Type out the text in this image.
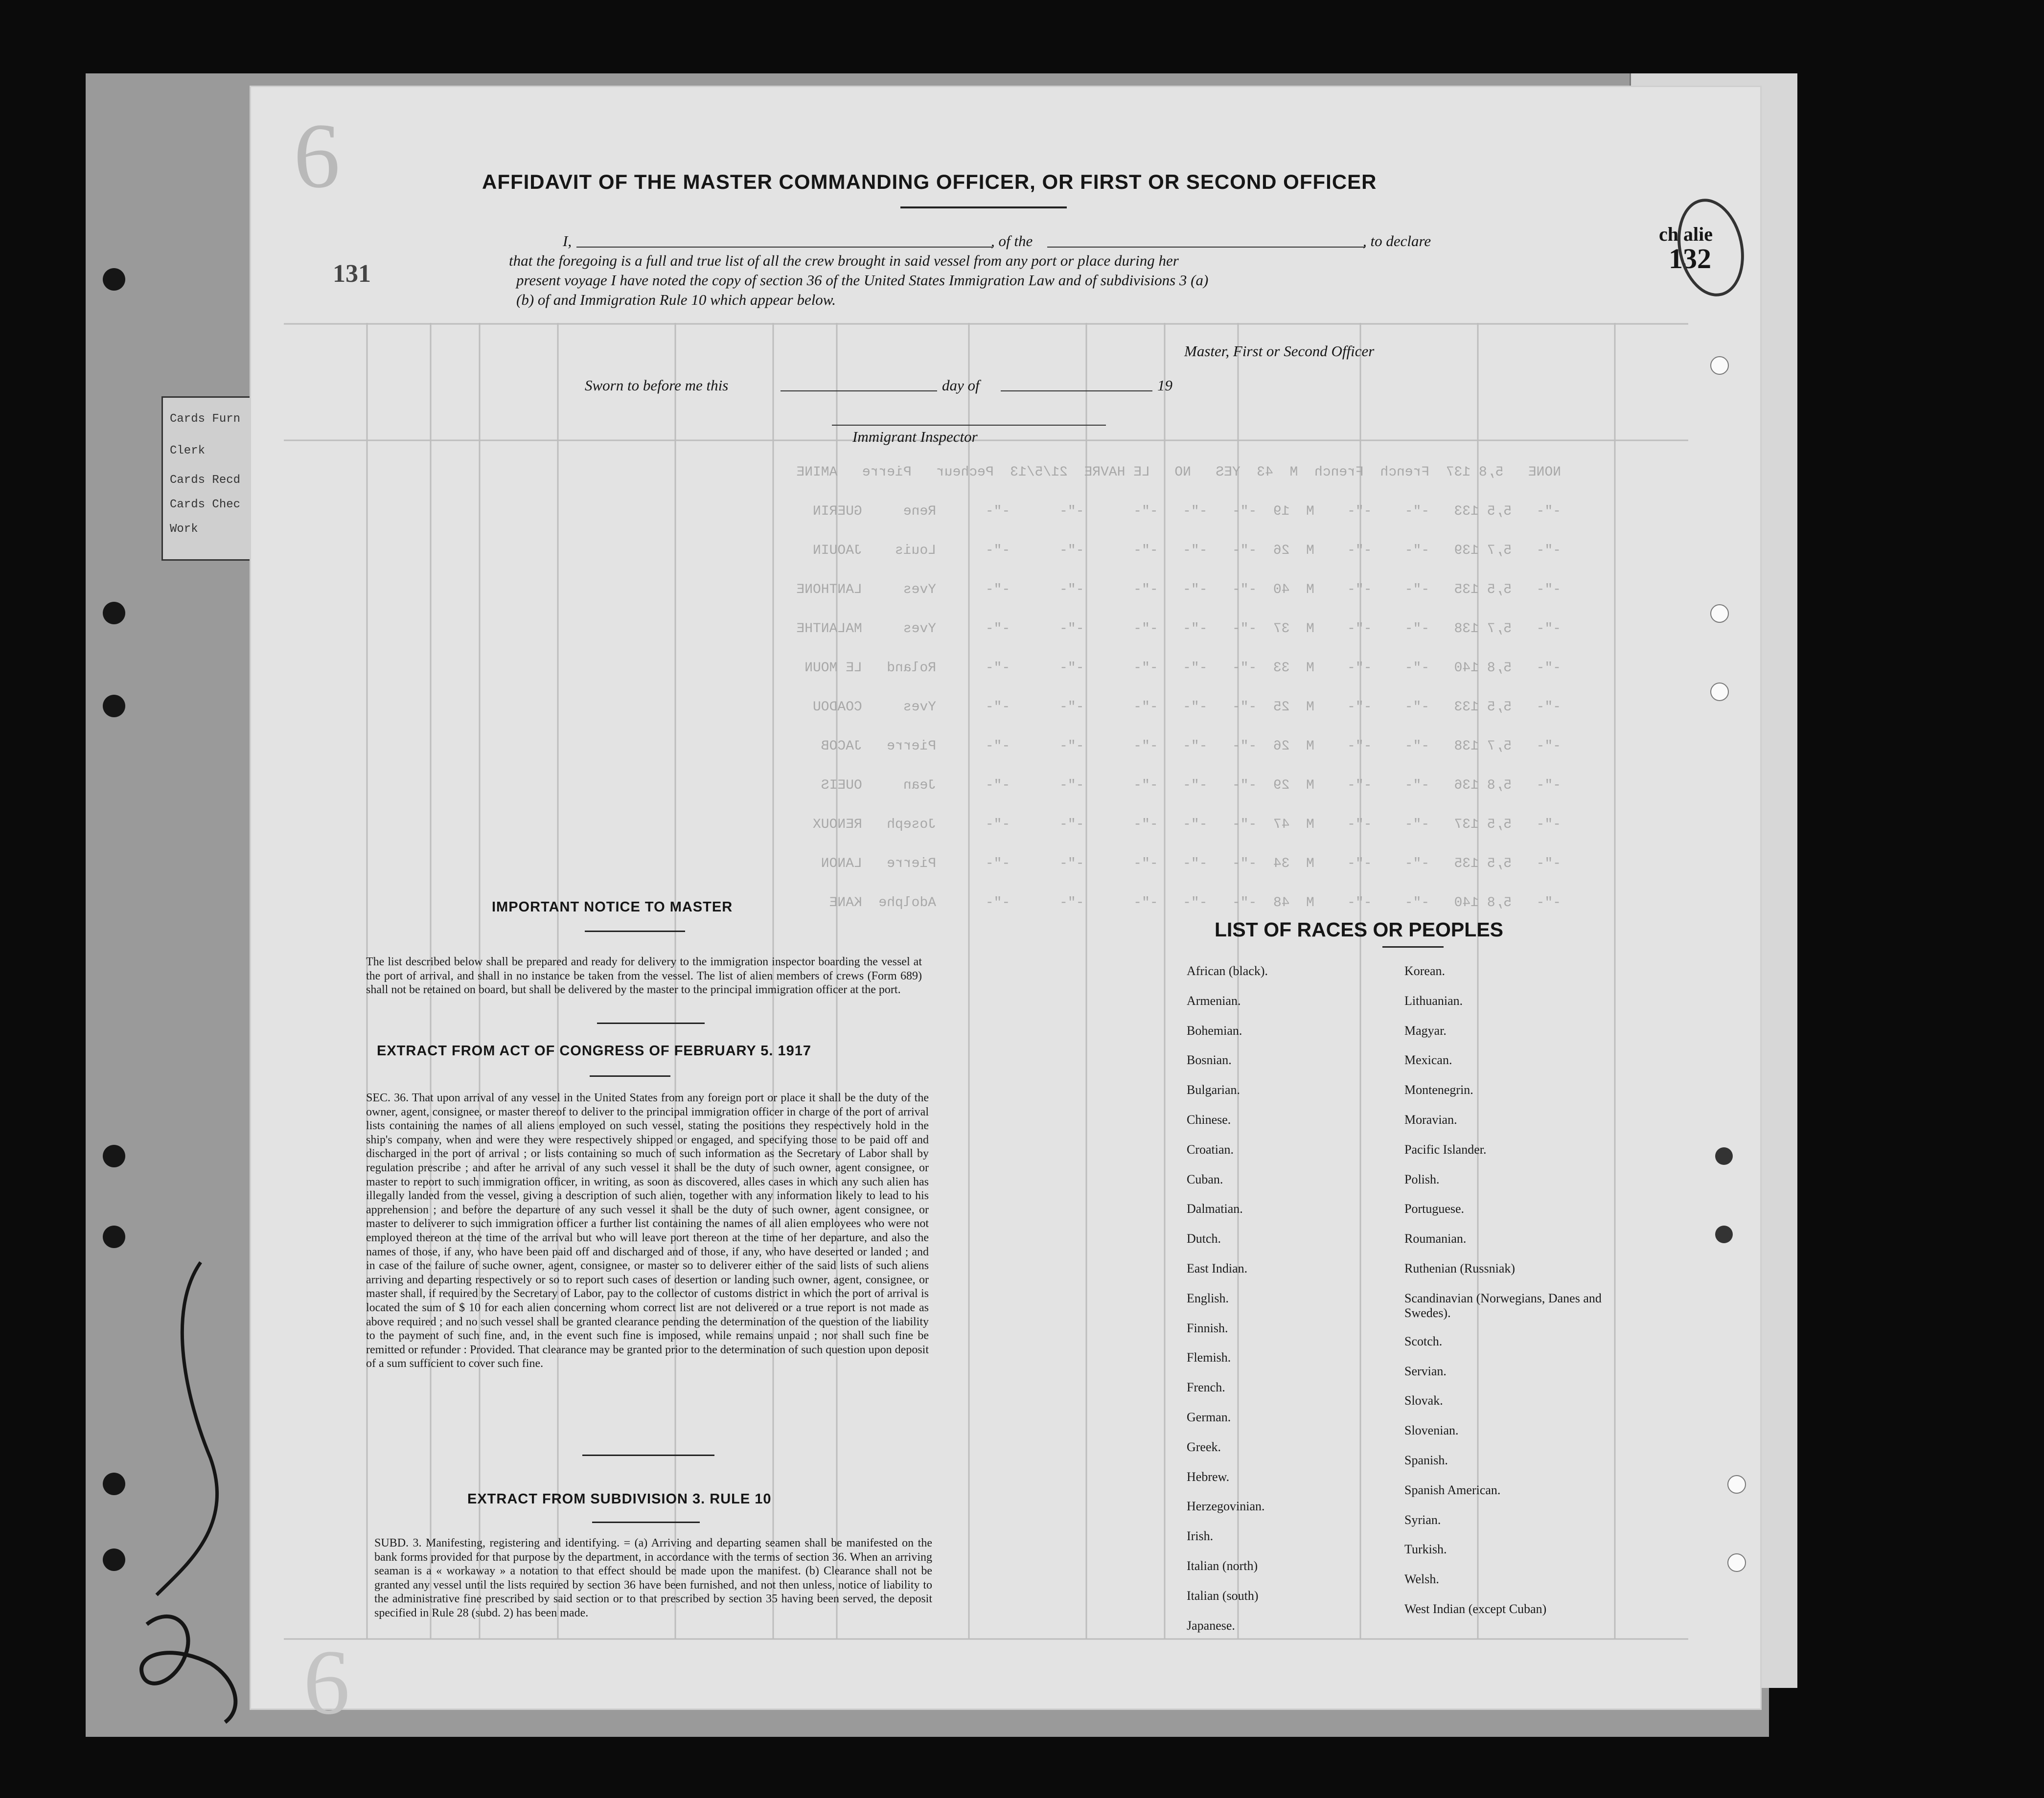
Cards Furn
Clerk
Cards Recd
Cards Chec
Work
6
6
131
ch alie
132
NONE   5,8 137  French  French  M  43  YES   NO   LE HAVRE  21/5/13  Pecheur   Pierre   AMINE
-"-   5,5 133   -"-    -"-    M  19  -"-   -"-   -"-      -"-      -"-      Rene     GUERIN
-"-   5,7 139   -"-    -"-    M  26  -"-   -"-   -"-      -"-      -"-      Louis    JAOUIN
-"-   5,5 135   -"-    -"-    M  40  -"-   -"-   -"-      -"-      -"-      Yves     LANTHONE
-"-   5,7 138   -"-    -"-    M  37  -"-   -"-   -"-      -"-      -"-      Yves     MALANTHE
-"-   5,8 140   -"-    -"-    M  33  -"-   -"-   -"-      -"-      -"-      Roland   LE MOUN
-"-   5,5 133   -"-    -"-    M  25  -"-   -"-   -"-      -"-      -"-      Yves     COADOU
-"-   5,7 138   -"-    -"-    M  26  -"-   -"-   -"-      -"-      -"-      Pierre   JACOB
-"-   5,8 136   -"-    -"-    M  29  -"-   -"-   -"-      -"-      -"-      Jean     OUEIS
-"-   5,5 137   -"-    -"-    M  47  -"-   -"-   -"-      -"-      -"-      Joseph   RENOUX
-"-   5,5 135   -"-    -"-    M  34  -"-   -"-   -"-      -"-      -"-      Pierre   LANON
-"-   5,8 140   -"-    -"-    M  48  -"-   -"-   -"-      -"-      -"-      Adolphe  KANE
AFFIDAVIT OF THE MASTER COMMANDING OFFICER, OR FIRST OR SECOND OFFICER
I,	, of the	, to declare
that the foregoing is a full and true list of all the crew brought in said vessel from any port or place during her
present voyage I have noted the copy of section 36 of the United States Immigration Law and of subdivisions 3 (a)
(b) of and Immigration Rule 10 which appear below.
Master, First or Second Officer
Sworn to before me this	day of	19
Immigrant Inspector
IMPORTANT NOTICE TO MASTER
The list described below shall be prepared and ready for delivery to the immigration inspector boarding the vessel at the port of arrival, and shall in no instance be taken from the vessel. The list of alien members of crews (Form 689) shall not be retained on board, but shall be delivered by the master to the principal immigration officer at the port.
EXTRACT FROM ACT OF CONGRESS OF FEBRUARY 5. 1917
SEC. 36. That upon arrival of any vessel in the United States from any foreign port or place it shall be the duty of the owner, agent, consignee, or master thereof to deliver to the principal immigration officer in charge of the port of arrival lists containing the names of all aliens employed on such vessel, stating the positions they respectively hold in the ship's company, when and were they were respectively shipped or engaged, and specifying those to be paid off and discharged in the port of arrival ; or lists containing so much of such information as the Secretary of Labor shall by regulation prescribe ; and after he arrival of any such vessel it shall be the duty of such owner, agent consignee, or master to report to such immigration officer, in writing, as soon as discovered, alles cases in which any such alien has illegally landed from the vessel, giving a description of such alien, together with any information likely to lead to his apprehension ; and before the departure of any such vessel it shall be the duty of such owner, agent consignee, or master to deliverer to such immigration officer a further list containing the names of all alien employees who were not employed thereon at the time of the arrival but who will leave port thereon at the time of her departure, and also the names of those, if any, who have been paid off and discharged and of those, if any, who have deserted or landed ; and in case of the failure of suche owner, agent, consignee, or master so to deliverer either of the said lists of such aliens arriving and departing respectively or so to report such cases of desertion or landing such owner, agent, consignee, or master shall, if required by the Secretary of Labor, pay to the collector of customs district in which the port of arrival is located the sum of $ 10 for each alien concerning whom correct list are not delivered or a true report is not made as above required ; and no such vessel shall be granted clearance pending the determination of the question of the liability to the payment of such fine, and, in the event such fine is imposed, while remains unpaid ; nor shall such fine be remitted or refunder : Provided. That clearance may be granted prior to the determination of such question upon deposit of a sum sufficient to cover such fine.
EXTRACT FROM SUBDIVISION 3. RULE 10
SUBD. 3. Manifesting, registering and identifying. = (a) Arriving and departing seamen shall be manifested on the bank forms provided for that purpose by the department, in accordance with the terms of section 36. When an arriving seaman is a « workaway » a notation to that effect should be made upon the manifest. (b) Clearance shall not be granted any vessel until the lists required by section 36 have been furnished, and not then unless, notice of liability to the administrative fine prescribed by said section or to that prescribed by section 35 having been served, the deposit specified in Rule 28 (subd. 2) has been made.
LIST OF RACES OR PEOPLES
African (black).
Armenian.
Bohemian.
Bosnian.
Bulgarian.
Chinese.
Croatian.
Cuban.
Dalmatian.
Dutch.
East Indian.
English.
Finnish.
Flemish.
French.
German.
Greek.
Hebrew.
Herzegovinian.
Irish.
Italian (north)
Italian (south)
Japanese.
Korean.
Lithuanian.
Magyar.
Mexican.
Montenegrin.
Moravian.
Pacific Islander.
Polish.
Portuguese.
Roumanian.
Ruthenian (Russniak)
Scandinavian (Norwegians, Danes and Swedes).
Scotch.
Servian.
Slovak.
Slovenian.
Spanish.
Spanish American.
Syrian.
Turkish.
Welsh.
West Indian (except Cuban)
